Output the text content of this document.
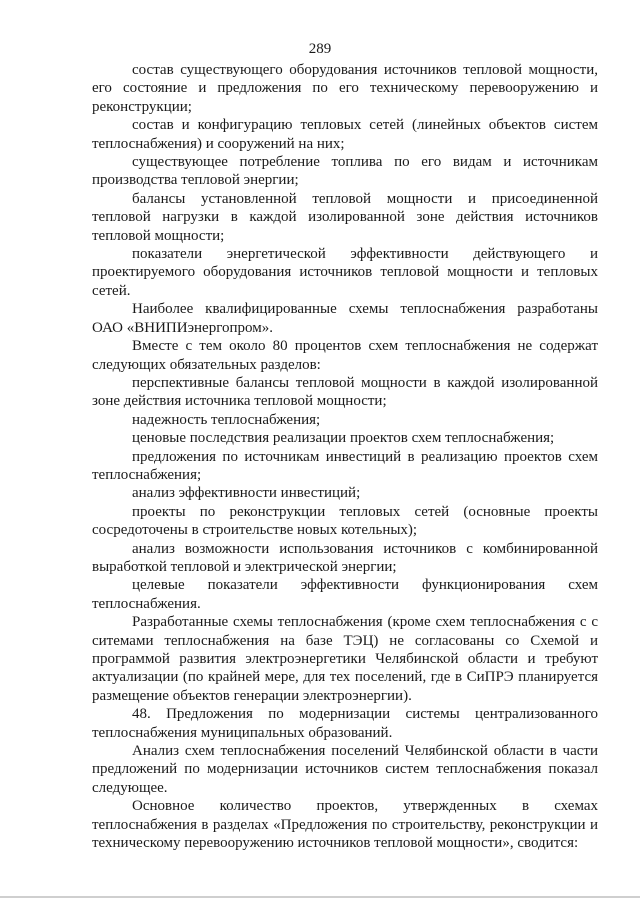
289

состав существующего оборудования источников тепловой мощности, его состояние и предложения по его техническому перевооружению и реконструкции;

состав и конфигурацию тепловых сетей (линейных объектов систем теплоснабжения) и сооружений на них;

существующее потребление топлива по его видам и источникам производства тепловой энергии;

балансы установленной тепловой мощности и присоединенной тепловой нагрузки в каждой изолированной зоне действия источников тепловой мощности;

показатели энергетической эффективности действующего и проектируемого оборудования источников тепловой мощности и тепловых сетей.

Наиболее квалифицированные схемы теплоснабжения разработаны ОАО «ВНИПИэнергопром».

Вместе с тем около 80 процентов схем теплоснабжения не содержат следующих обязательных разделов:

перспективные балансы тепловой мощности в каждой изолированной зоне действия источника тепловой мощности;

надежность теплоснабжения;

ценовые последствия реализации проектов схем теплоснабжения;

предложения по источникам инвестиций в реализацию проектов схем теплоснабжения;

анализ эффективности инвестиций;

проекты по реконструкции тепловых сетей (основные проекты сосредоточены в строительстве новых котельных);

анализ возможности использования источников с комбинированной выработкой тепловой и электрической энергии;

целевые показатели эффективности функционирования схем теплоснабжения.

Разработанные схемы теплоснабжения (кроме схем теплоснабжения с с ситемами теплоснабжения на базе ТЭЦ) не согласованы со Схемой и программой развития электроэнергетики Челябинской области и требуют актуализации (по крайней мере, для тех поселений, где в СиПРЭ планируется размещение объектов генерации электроэнергии).

48. Предложения по модернизации системы централизованного теплоснабжения муниципальных образований.

Анализ схем теплоснабжения поселений Челябинской области в части предложений по модернизации источников систем теплоснабжения показал следующее.

Основное количество проектов, утвержденных в схемах теплоснабжения в разделах «Предложения по строительству, реконструкции и техническому перевооружению источников тепловой мощности», сводится:
